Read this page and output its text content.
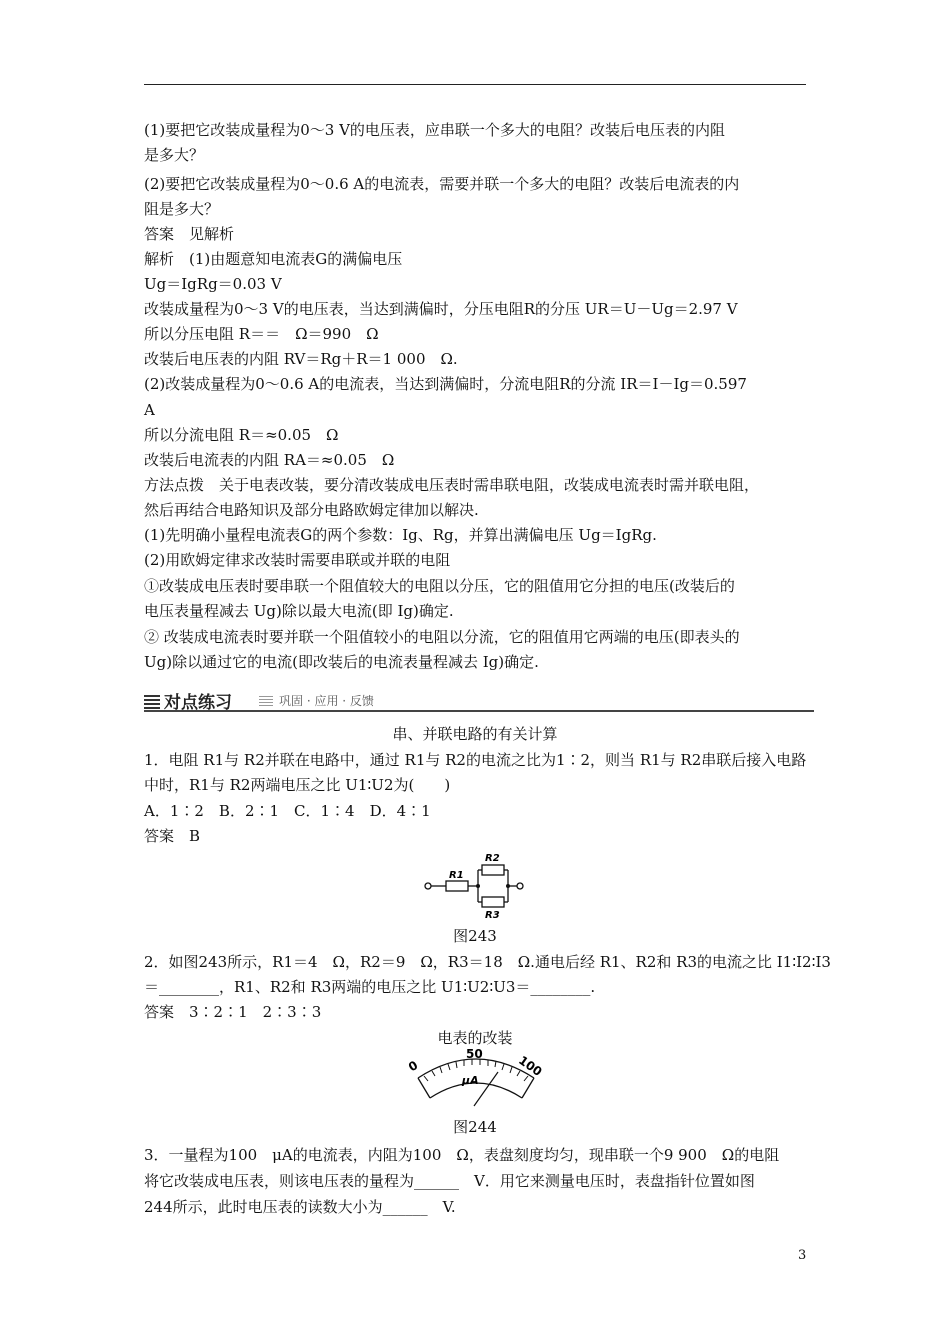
(1)要把它改装成量程为0～3 V的电压表，应串联一个多大的电阻？改装后电压表的内阻
是多大？
(2)要把它改装成量程为0～0.6 A的电流表，需要并联一个多大的电阻？改装后电流表的内
阻是多大？
答案　见解析
解析　(1)由题意知电流表G的满偏电压
Ug＝IgRg＝0.03 V
改装成量程为0～3 V的电压表，当达到满偏时，分压电阻R的分压 UR＝U－Ug＝2.97 V
所以分压电阻 R＝＝　Ω＝990　Ω
改装后电压表的内阻 RV＝Rg＋R＝1 000　Ω.
(2)改装成量程为0～0.6 A的电流表，当达到满偏时，分流电阻R的分流 IR＝I－Ig＝0.597
A
所以分流电阻 R＝≈0.05　Ω
改装后电流表的内阻 RA＝≈0.05　Ω
方法点拨　关于电表改装，要分清改装成电压表时需串联电阻，改装成电流表时需并联电阻，
然后再结合电路知识及部分电路欧姆定律加以解决.
(1)先明确小量程电流表G的两个参数：Ig、Rg，并算出满偏电压 Ug＝IgRg.
(2)用欧姆定律求改装时需要串联或并联的电阻
①改装成电压表时要串联一个阻值较大的电阻以分压，它的阻值用它分担的电压(改装后的
电压表量程减去 Ug)除以最大电流(即 Ig)确定.
② 改装成电流表时要并联一个阻值较小的电阻以分流，它的阻值用它两端的电压(即表头的
Ug)除以通过它的电流(即改装后的电流表量程减去 Ig)确定.
对点练习	巩固 · 应用 · 反馈
串、并联电路的有关计算
1．电阻 R1与 R2并联在电路中，通过 R1与 R2的电流之比为1∶2，则当 R1与 R2串联后接入电路
中时，R1与 R2两端电压之比 U1∶U2为(　　)
A．1∶2　B．2∶1　C．1∶4　D．4∶1
答案　B
R1
R2
R3
图243
2．如图243所示，R1＝4　Ω，R2＝9　Ω，R3＝18　Ω.通电后经 R1、R2和 R3的电流之比 I1∶I2∶I3
＝________，R1、R2和 R3两端的电压之比 U1∶U2∶U3＝________.
答案　3∶2∶1　2∶3∶3
电表的改装
0
50	100
μA
图244
3．一量程为100　μA的电流表，内阻为100　Ω，表盘刻度均匀，现串联一个9 900　Ω的电阻
将它改装成电压表，则该电压表的量程为______　V．用它来测量电压时，表盘指针位置如图
244所示，此时电压表的读数大小为______　V.
3
